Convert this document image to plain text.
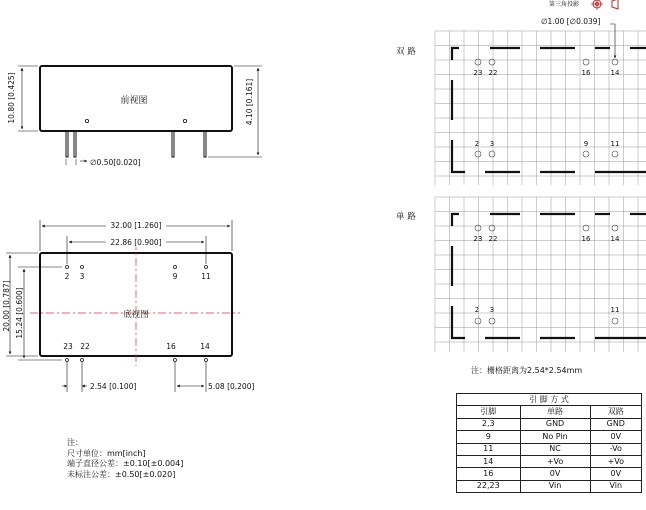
第三角投影
前视图
10.80 [0.425]	4.10 [0.161]
∅0.50[0.020]
底视图
2 3	9	11
23 22	16	14
32.00 [1.260]
22.86 [0.900]
20.00 [0.787] 15.24 [0.600]
2.54 [0.100]	5.08 [0.200]
双 路
23 22	16	14
2 3	9	11
∅1.00 [∅0.039]
单 路
23 22	16	14
2 3	11
注：栅格距离为2.54*2.54mm
注：
尺寸单位：mm[inch]
端子直径公差：±0.10[±0.004]
未标注公差：±0.50[±0.020]
引 脚 方 式		
引脚	单路	双路
2,3	GND	GND
9	No Pin	0V
11	NC	-Vo
14	+Vo	+Vo
16	0V	0V
22,23	Vin	Vin
